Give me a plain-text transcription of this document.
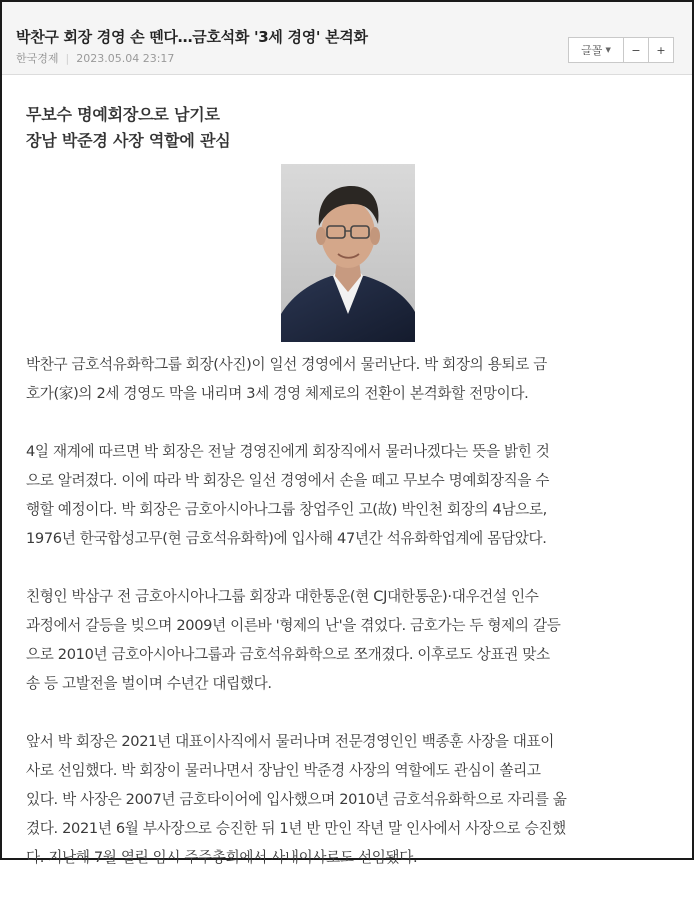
박찬구 회장 경영 손 뗀다…금호석화 '3세 경영' 본격화
한국경제 | 2023.05.04 23:17
글꼴 ▼ − +
무보수 명예회장으로 남기로
장남 박준경 사장 역할에 관심

박찬구 금호석유화학그룹 회장(사진)이 일선 경영에서 물러난다. 박 회장의 용퇴로 금

호가(家)의 2세 경영도 막을 내리며 3세 경영 체제로의 전환이 본격화할 전망이다.

4일 재계에 따르면 박 회장은 전날 경영진에게 회장직에서 물러나겠다는 뜻을 밝힌 것

으로 알려졌다. 이에 따라 박 회장은 일선 경영에서 손을 떼고 무보수 명예회장직을 수

행할 예정이다. 박 회장은 금호아시아나그룹 창업주인 고(故) 박인천 회장의 4남으로,

1976년 한국합성고무(현 금호석유화학)에 입사해 47년간 석유화학업계에 몸담았다.

친형인 박삼구 전 금호아시아나그룹 회장과 대한통운(현 CJ대한통운)·대우건설 인수

과정에서 갈등을 빚으며 2009년 이른바 '형제의 난'을 겪었다. 금호가는 두 형제의 갈등

으로 2010년 금호아시아나그룹과 금호석유화학으로 쪼개졌다. 이후로도 상표권 맞소

송 등 고발전을 벌이며 수년간 대립했다.

앞서 박 회장은 2021년 대표이사직에서 물러나며 전문경영인인 백종훈 사장을 대표이

사로 선임했다. 박 회장이 물러나면서 장남인 박준경 사장의 역할에도 관심이 쏠리고

있다. 박 사장은 2007년 금호타이어에 입사했으며 2010년 금호석유화학으로 자리를 옮

겼다. 2021년 6월 부사장으로 승진한 뒤 1년 반 만인 작년 말 인사에서 사장으로 승진했

다. 지난해 7월 열린 임시 주주총회에서 사내이사로도 선임됐다.
